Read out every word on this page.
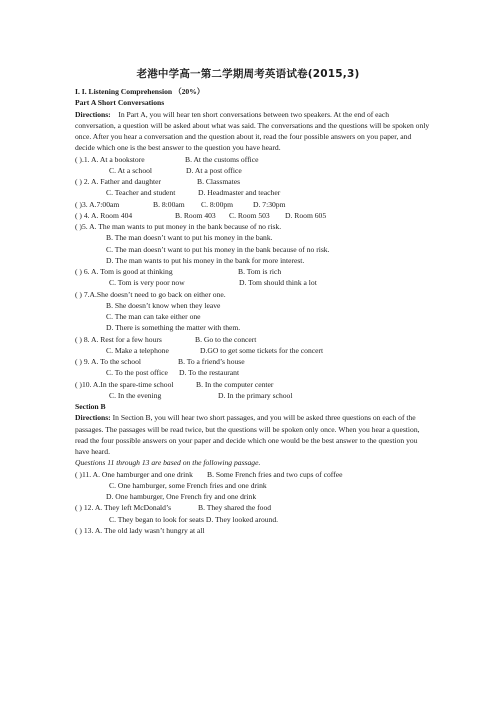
老港中学高一第二学期周考英语试卷(2015,3)
I. I. Listening Comprehension （20%）
Part A Short Conversations
Directions: In Part A, you will hear ten short conversations between two speakers. At the end of each conversation, a question will be asked about what was said. The conversations and the questions will be spoken only once. After you hear a conversation and the question about it, read the four possible answers on you paper, and decide which one is the best answer to the question you have heard.
( ).1. A. At a bookstore	B. At the customs office
C. At a school	D. At a post office
( ) 2. A. Father and daughter	B. Classmates
C. Teacher and student	D. Headmaster and teacher
( )3. A.7:00am	B. 8:00am C. 8:00pm	D. 7:30pm
( ) 4. A. Room 404	B. Room 403 C. Room 503 D. Room 605
( )5. A. The man wants to put money in the bank because of no risk.
B. The man doesn’t want to put his money in the bank.
C. The man doesn’t want to put his money in the bank because of no risk.
D. The man wants to put his money in the bank for more interest.
( ) 6. A. Tom is good at thinking	B. Tom is rich
C. Tom is very poor now	D. Tom should think a lot
( ) 7.A.She doesn’t need to go back on either one.
B. She doesn’t know when they leave
C. The man can take either one
D. There is something the matter with them.
( ) 8. A. Rest for a few hours	B. Go to the concert
C. Make a telephone	D.GO to get some tickets for the concert
( ) 9. A. To the school	B. To a friend’s house
C. To the post office D. To the restaurant
( )10. A.In the spare-time school	B. In the computer center
C. In the evening	D. In the primary school
Section B
Directions: In Section B, you will hear two short passages, and you will be asked three questions on each of the passages. The passages will be read twice, but the questions will be spoken only once. When you hear a question, read the four possible answers on your paper and decide which one would be the best answer to the question you have heard.
Questions 11 through 13 are based on the following passage.
( )11. A. One hamburger and one drink B. Some French fries and two cups of coffee
C. One hamburger, some French fries and one drink
D. One hamburger, One French fry and one drink
( ) 12. A. They left McDonald’s	B. They shared the food
C. They began to look for seats D. They looked around.
( ) 13. A. The old lady wasn’t hungry at all
